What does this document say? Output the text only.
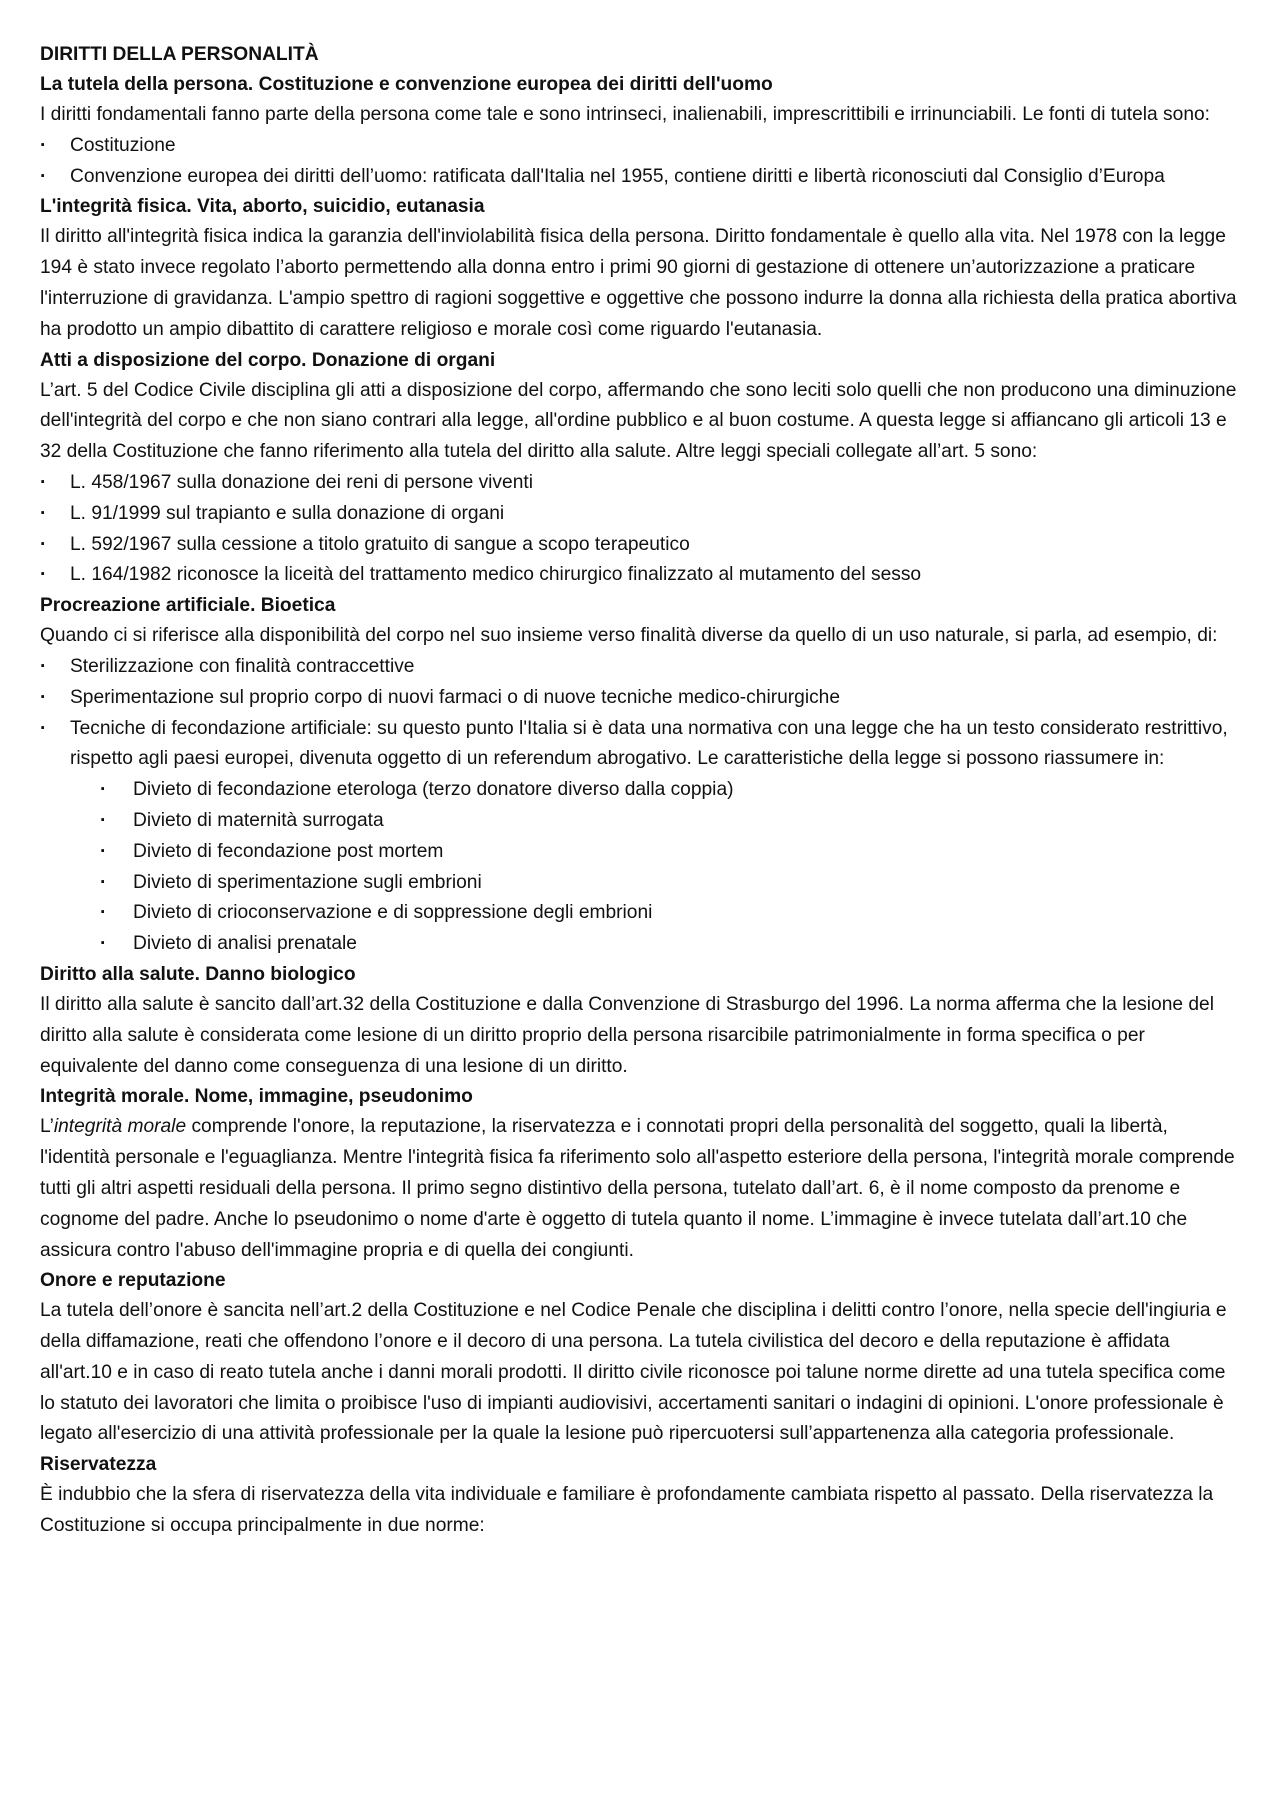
DIRITTI DELLA PERSONALITÀ
La tutela della persona. Costituzione e convenzione europea dei diritti dell'uomo

I diritti fondamentali fanno parte della persona come tale e sono intrinseci, inalienabili, imprescrittibili e irrinunciabili. Le fonti di tutela sono:

· Costituzione
· Convenzione europea dei diritti dell’uomo: ratificata dall'Italia nel 1955, contiene diritti e libertà riconosciuti dal Consiglio d’Europa
L'integrità fisica. Vita, aborto, suicidio, eutanasia

Il diritto all'integrità fisica indica la garanzia dell'inviolabilità fisica della persona. Diritto fondamentale è quello alla vita. Nel 1978 con la legge 194 è stato invece regolato l’aborto permettendo alla donna entro i primi 90 giorni di gestazione di ottenere un’autorizzazione a praticare l'interruzione di gravidanza. L'ampio spettro di ragioni soggettive e oggettive che possono indurre la donna alla richiesta della pratica abortiva ha prodotto un ampio dibattito di carattere religioso e morale così come riguardo l'eutanasia.

Atti a disposizione del corpo. Donazione di organi

L’art. 5 del Codice Civile disciplina gli atti a disposizione del corpo, affermando che sono leciti solo quelli che non producono una diminuzione dell'integrità del corpo e che non siano contrari alla legge, all'ordine pubblico e al buon costume. A questa legge si affiancano gli articoli 13 e 32 della Costituzione che fanno riferimento alla tutela del diritto alla salute. Altre leggi speciali collegate all’art. 5 sono:

· L. 458/1967 sulla donazione dei reni di persone viventi
· L. 91/1999 sul trapianto e sulla donazione di organi
· L. 592/1967 sulla cessione a titolo gratuito di sangue a scopo terapeutico
· L. 164/1982 riconosce la liceità del trattamento medico chirurgico finalizzato al mutamento del sesso
Procreazione artificiale. Bioetica

Quando ci si riferisce alla disponibilità del corpo nel suo insieme verso finalità diverse da quello di un uso naturale, si parla, ad esempio, di:

· Sterilizzazione con finalità contraccettive
· Sperimentazione sul proprio corpo di nuovi farmaci o di nuove tecniche medico-chirurgiche
· Tecniche di fecondazione artificiale: su questo punto l'Italia si è data una normativa con una legge che ha un testo considerato restrittivo, rispetto agli paesi europei, divenuta oggetto di un referendum abrogativo. Le caratteristiche della legge si possono riassumere in:
· Divieto di fecondazione eterologa (terzo donatore diverso dalla coppia)
· Divieto di maternità surrogata
· Divieto di fecondazione post mortem
· Divieto di sperimentazione sugli embrioni
· Divieto di crioconservazione e di soppressione degli embrioni
· Divieto di analisi prenatale
Diritto alla salute. Danno biologico

Il diritto alla salute è sancito dall’art.32 della Costituzione e dalla Convenzione di Strasburgo del 1996. La norma afferma che la lesione del diritto alla salute è considerata come lesione di un diritto proprio della persona risarcibile patrimonialmente in forma specifica o per equivalente del danno come conseguenza di una lesione di un diritto.

Integrità morale. Nome, immagine, pseudonimo

L’integrità morale comprende l'onore, la reputazione, la riservatezza e i connotati propri della personalità del soggetto, quali la libertà, l'identità personale e l'eguaglianza. Mentre l'integrità fisica fa riferimento solo all'aspetto esteriore della persona, l'integrità morale comprende tutti gli altri aspetti residuali della persona. Il primo segno distintivo della persona, tutelato dall’art. 6, è il nome composto da prenome e cognome del padre. Anche lo pseudonimo o nome d'arte è oggetto di tutela quanto il nome. L’immagine è invece tutelata dall’art.10 che assicura contro l'abuso dell'immagine propria e di quella dei congiunti.

Onore e reputazione

La tutela dell’onore è sancita nell’art.2 della Costituzione e nel Codice Penale che disciplina i delitti contro l’onore, nella specie dell'ingiuria e della diffamazione, reati che offendono l’onore e il decoro di una persona. La tutela civilistica del decoro e della reputazione è affidata all'art.10 e in caso di reato tutela anche i danni morali prodotti. Il diritto civile riconosce poi talune norme dirette ad una tutela specifica come lo statuto dei lavoratori che limita o proibisce l'uso di impianti audiovisivi, accertamenti sanitari o indagini di opinioni. L'onore professionale è legato all'esercizio di una attività professionale per la quale la lesione può ripercuotersi sull’appartenenza alla categoria professionale.

Riservatezza

È indubbio che la sfera di riservatezza della vita individuale e familiare è profondamente cambiata rispetto al passato. Della riservatezza la Costituzione si occupa principalmente in due norme:
